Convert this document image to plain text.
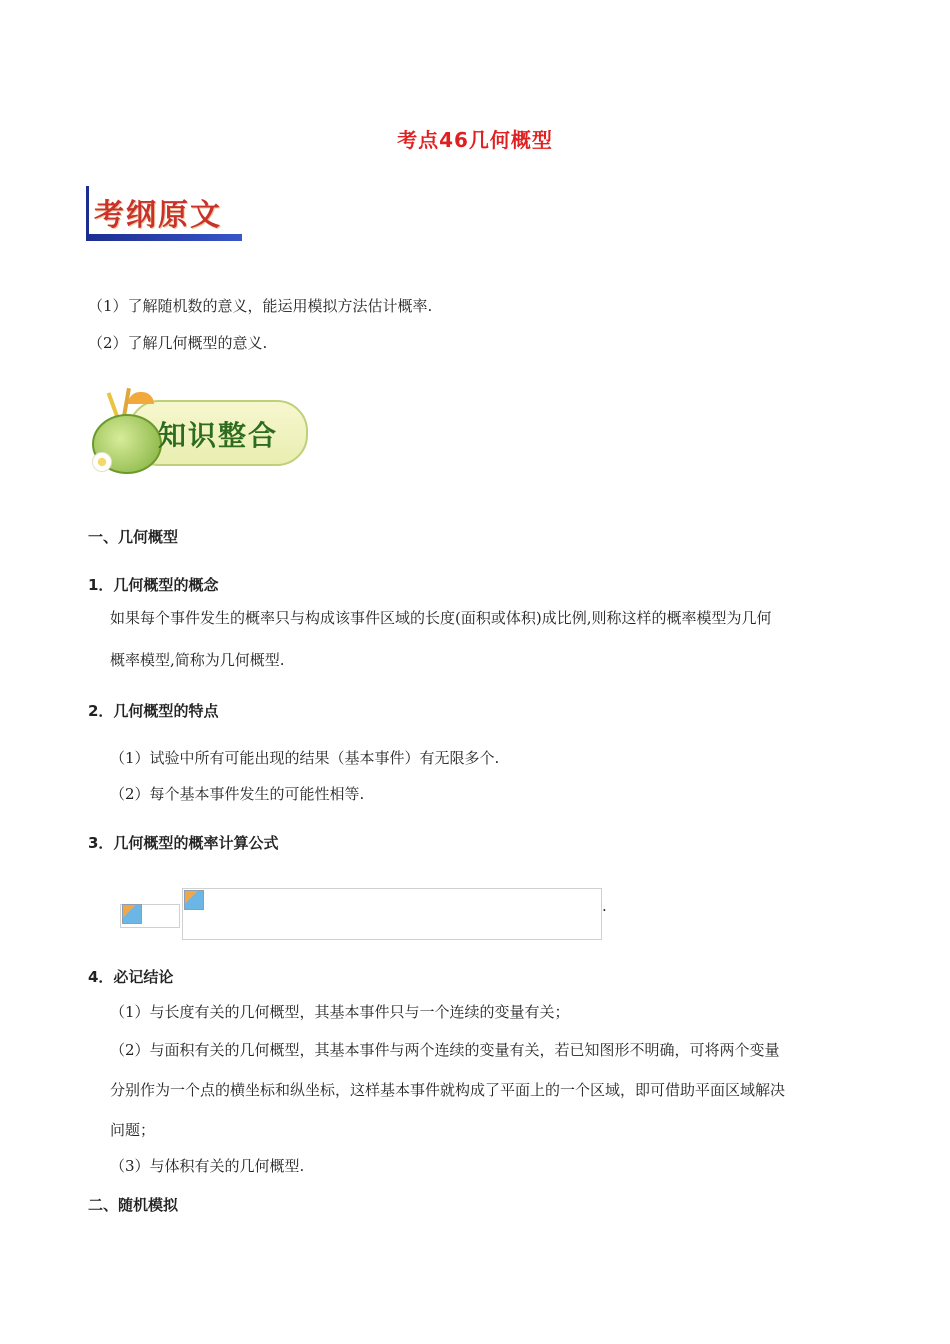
考点46几何概型
考纲原文
（1）了解随机数的意义，能运用模拟方法估计概率.
（2）了解几何概型的意义.
知识整合
一、几何概型
1．几何概型的概念
如果每个事件发生的概率只与构成该事件区域的长度(面积或体积)成比例,则称这样的概率模型为几何
概率模型,简称为几何概型.
2．几何概型的特点
（1）试验中所有可能出现的结果（基本事件）有无限多个.
（2）每个基本事件发生的可能性相等.
3．几何概型的概率计算公式
.
4．必记结论
（1）与长度有关的几何概型，其基本事件只与一个连续的变量有关；
（2）与面积有关的几何概型，其基本事件与两个连续的变量有关，若已知图形不明确，可将两个变量
分别作为一个点的横坐标和纵坐标，这样基本事件就构成了平面上的一个区域，即可借助平面区域解决
问题；
（3）与体积有关的几何概型.
二、随机模拟
